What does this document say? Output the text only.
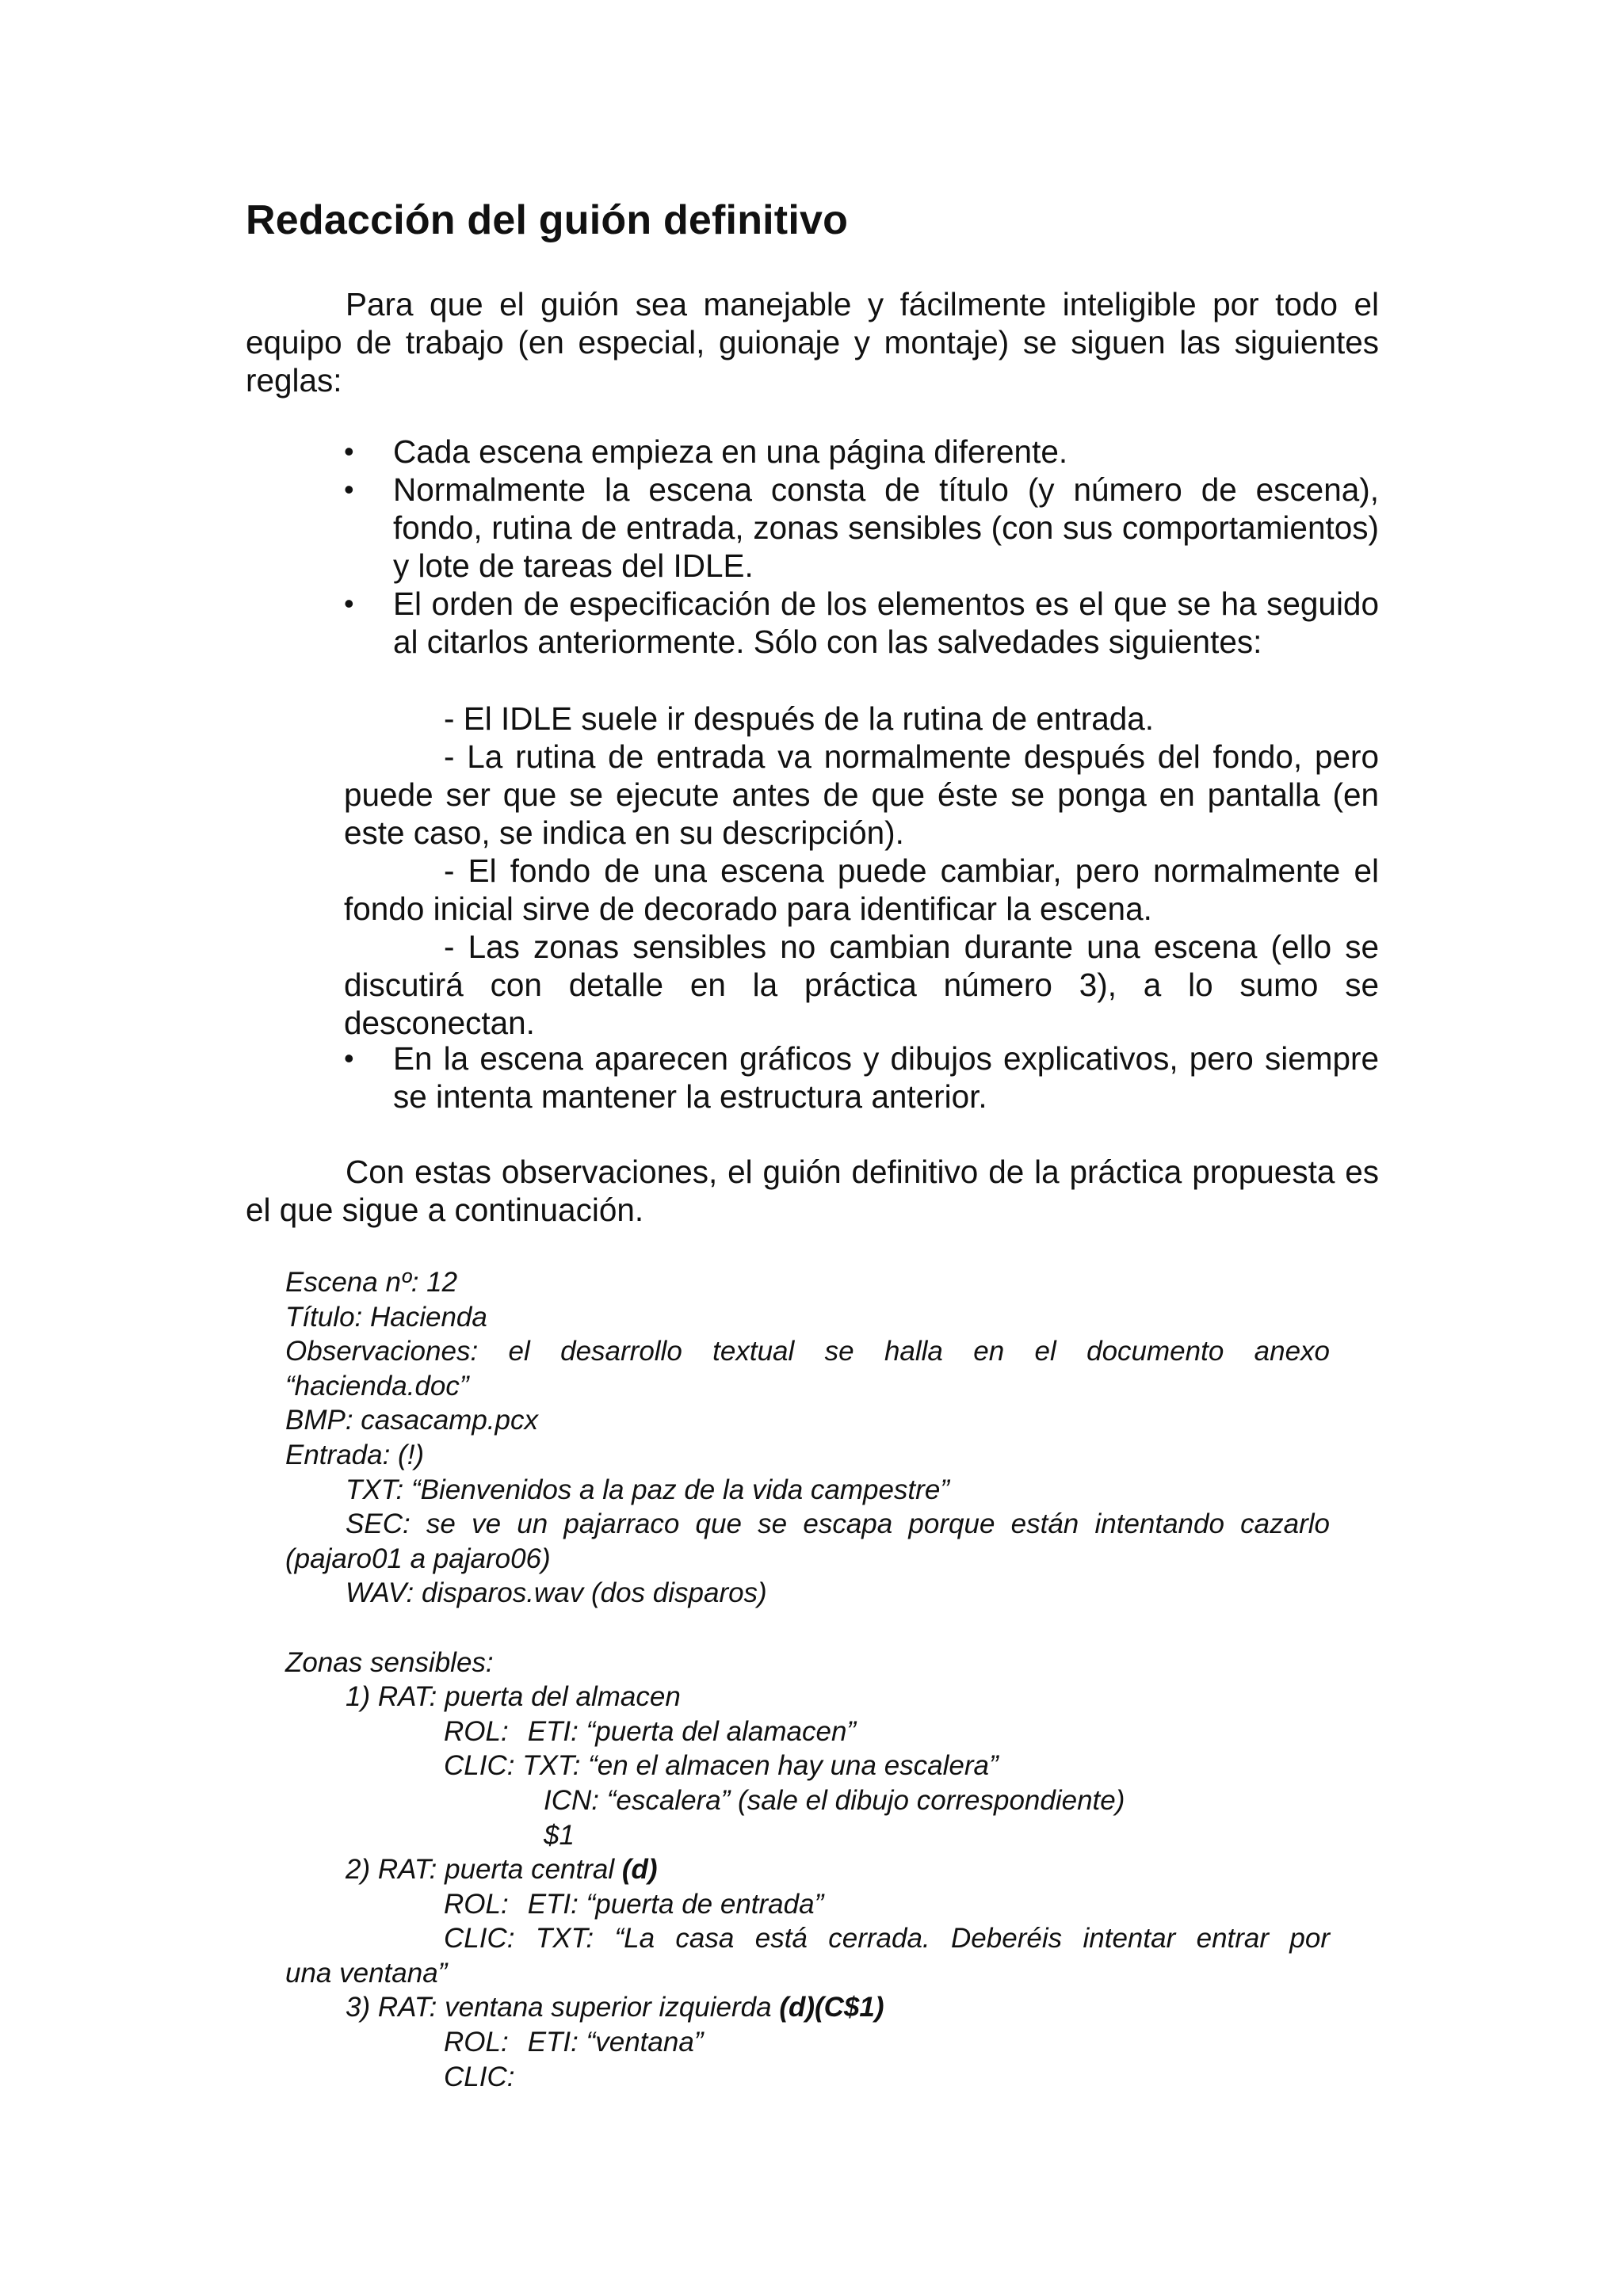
Redacción del guión definitivo

Para que el guión sea manejable y fácilmente inteligible por todo el equipo de trabajo (en especial, guionaje y montaje) se siguen las siguientes reglas:

• Cada escena empieza en una página diferente.
• Normalmente la escena consta de título (y número de escena), fondo, rutina de entrada, zonas sensibles (con sus comportamientos) y lote de tareas del IDLE.
• El orden de especificación de los elementos es el que se ha seguido al citarlos anteriormente. Sólo con las salvedades siguientes:

- El IDLE suele ir después de la rutina de entrada.

- La rutina de entrada va normalmente después del fondo, pero puede ser que se ejecute antes de que éste se ponga en pantalla (en este caso, se indica en su descripción).

- El fondo de una escena puede cambiar, pero normalmente el fondo inicial sirve de decorado para identificar la escena.

- Las zonas sensibles no cambian durante una escena (ello se discutirá con detalle en la práctica número 3), a lo sumo se desconectan.

• En la escena aparecen gráficos y dibujos explicativos, pero siempre se intenta mantener la estructura anterior.

Con estas observaciones, el guión definitivo de la práctica propuesta es el que sigue a continuación.

Escena nº: 12
Título: Hacienda
Observaciones: el desarrollo textual se halla en el documento anexo
“hacienda.doc”
BMP: casacamp.pcx
Entrada: (!)
TXT: “Bienvenidos a la paz de la vida campestre”
SEC: se ve un pajarraco que se escapa porque están intentando cazarlo
(pajaro01 a pajaro06)
WAV: disparos.wav (dos disparos)
Zonas sensibles:
1) RAT: puerta del almacen
ROL: ETI: “puerta del alamacen”
CLIC: TXT: “en el almacen hay una escalera”
ICN: “escalera” (sale el dibujo correspondiente)
$1
2) RAT: puerta central (d)
ROL: ETI: “puerta de entrada”
CLIC: TXT: “La casa está cerrada. Deberéis intentar entrar por
una ventana”
3) RAT: ventana superior izquierda (d)(C$1)
ROL: ETI: “ventana”
CLIC:
